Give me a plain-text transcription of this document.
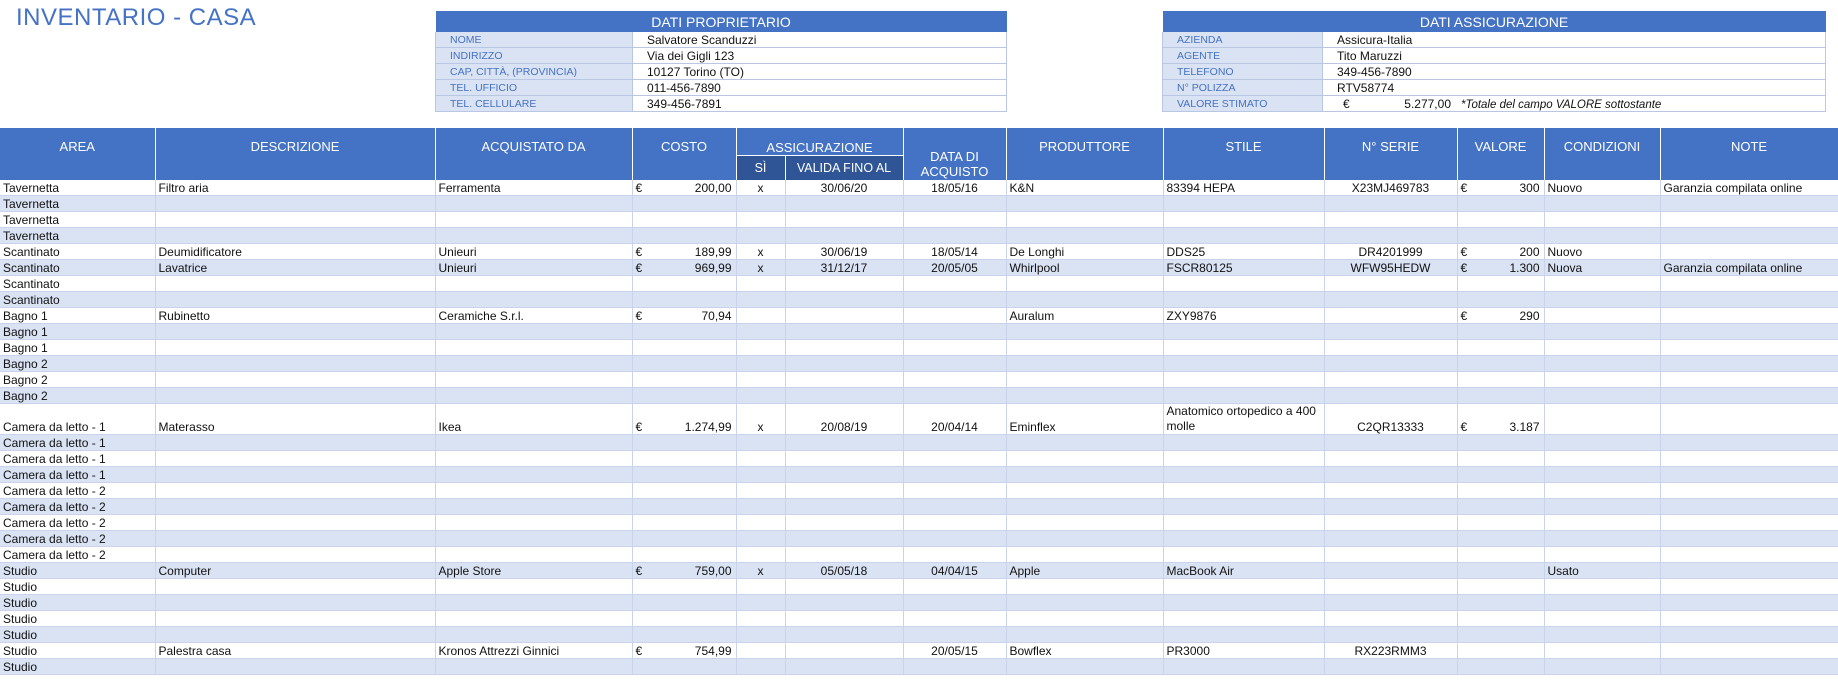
INVENTARIO - CASA	DATI PROPRIETARIO	
NOME	Salvatore Scanduzzi
INDIRIZZO	Via dei Gigli 123
CAP, CITTÀ, (PROVINCIA)	10127 Torino (TO)
TEL. UFFICIO	011-456-7890
TEL. CELLULARE	349-456-7891
DATI ASSICURAZIONE	
AZIENDA	Assicura-Italia
AGENTE	Tito Maruzzi
TELEFONO	349-456-7890
N° POLIZZA	RTV58774
VALORE STIMATO	€ 5.277,00 *Totale del campo VALORE sottostante
AREA	DESCRIZIONE	ACQUISTATO DA	COSTO	ASSICURAZIONE		DATA DI ACQUISTO	PRODUTTORE	STILE	N° SERIE	VALORE	CONDIZIONI	NOTE
				SÌ	VALIDA FINO AL							
Tavernetta	Filtro aria	Ferramenta	€ 200,00	x	30/06/20	18/05/16	K&N	83394 HEPA	X23MJ469783	€ 300	Nuovo	Garanzia compilata online
Tavernetta												
Tavernetta												
Tavernetta												
Scantinato	Deumidificatore	Unieuri	€ 189,99	x	30/06/19	18/05/14	De Longhi	DDS25	DR4201999	€ 200	Nuovo	
Scantinato	Lavatrice	Unieuri	€ 969,99	x	31/12/17	20/05/05	Whirlpool	FSCR80125	WFW95HEDW	€ 1.300	Nuova	Garanzia compilata online
Scantinato												
Scantinato												
Bagno 1	Rubinetto	Ceramiche S.r.l.	€ 70,94				Auralum	ZXY9876		€ 290		

Bagno 1												
Bagno 1												
Bagno 2												
Bagno 2												
Bagno 2												
Camera da letto - 1	Materasso	Ikea	€ 1.274,99	x	20/08/19	20/04/14	Eminflex	Anatomico ortopedico a 400 molle	C2QR13333	€ 3.187		

Camera da letto - 1												
Camera da letto - 1												
Camera da letto - 1												
Camera da letto - 2												
Camera da letto - 2												
Camera da letto - 2												
Camera da letto - 2												
Camera da letto - 2												
Studio	Computer	Apple Store	€ 759,00	x	05/05/18	04/04/15	Apple	MacBook Air			Usato	
Studio												
Studio												
Studio												
Studio												
Studio	Palestra casa	Kronos Attrezzi Ginnici	€ 754,99			20/05/15	Bowflex	PR3000	RX223RMM3			
Studio												
